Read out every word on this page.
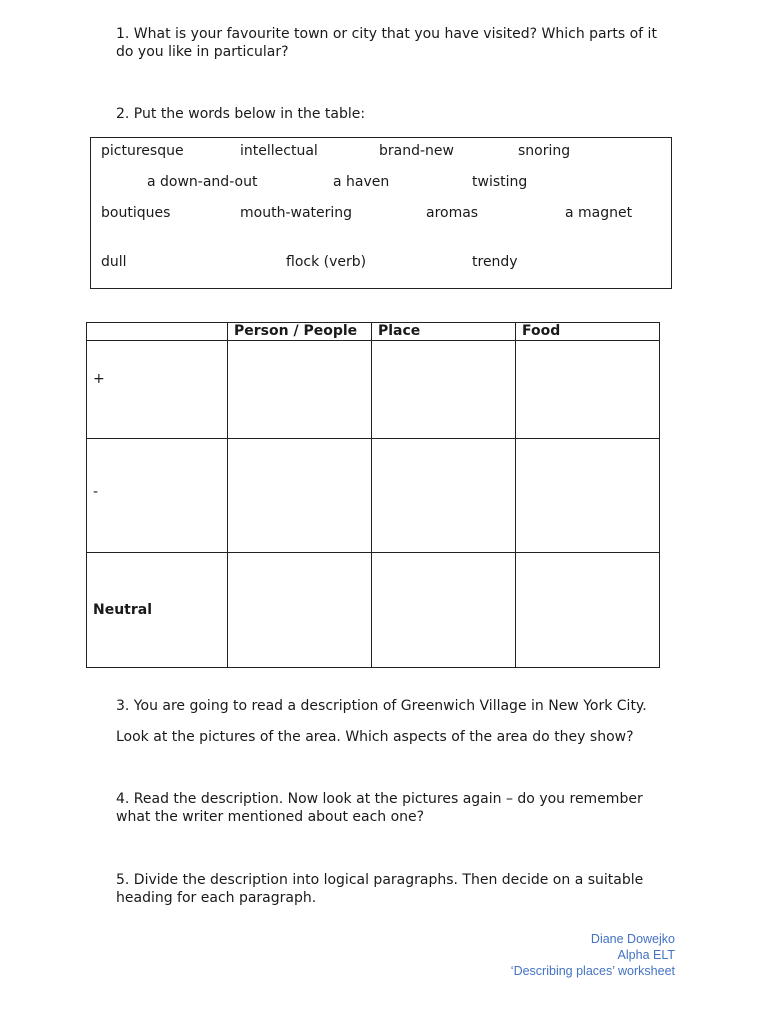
1. What is your favourite town or city that you have visited? Which parts of it do you like in particular?

2. Put the words below in the table:

picturesque	intellectual	brand-new	snoring
a down-and-out	a haven	twisting
boutiques	mouth-watering	aromas	a magnet
dull	flock (verb)	trendy
	Person / People	Place	Food
+			
-			
Neutral			

3. You are going to read a description of Greenwich Village in New York City.

Look at the pictures of the area. Which aspects of the area do they show?

4. Read the description. Now look at the pictures again – do you remember what the writer mentioned about each one?

5. Divide the description into logical paragraphs. Then decide on a suitable heading for each paragraph.

Diane Dowejko
Alpha ELT
‘Describing places’ worksheet
